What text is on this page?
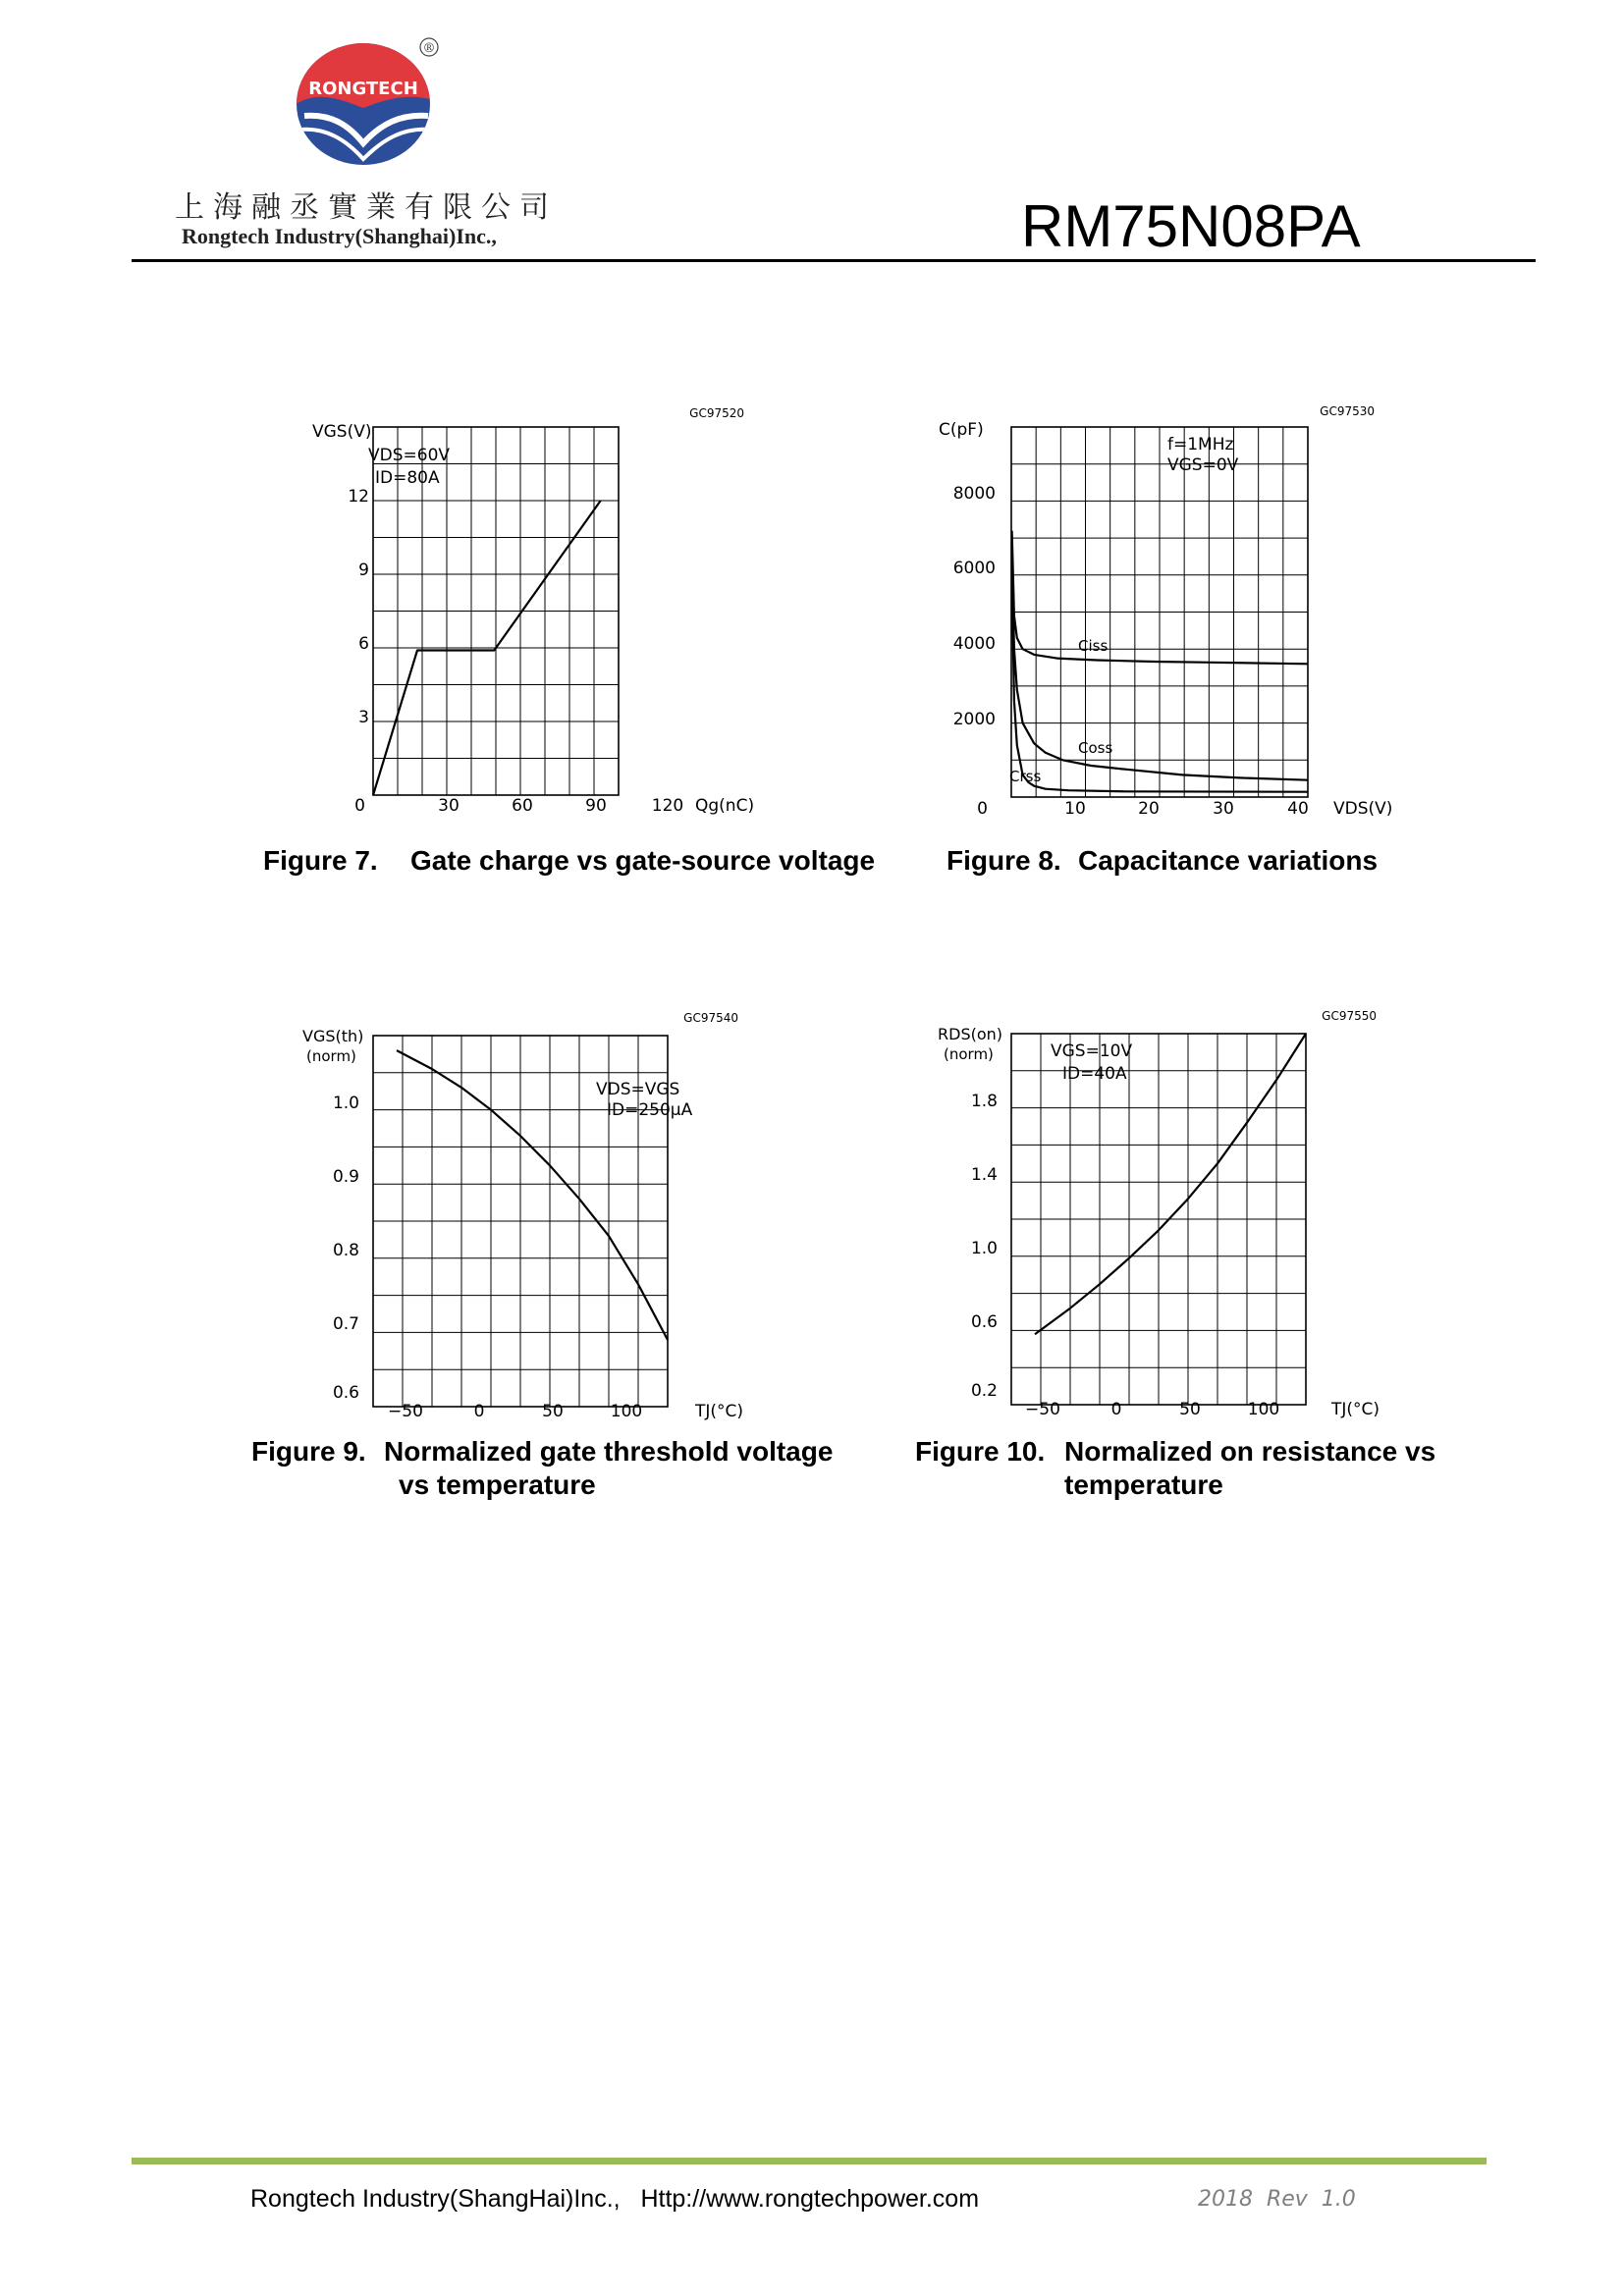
RONGTECH
®
上海融丞實業有限公司
Rongtech Industry(Shanghai)Inc.,	RM75N08PA
GC97520
VGS(V)
VDS=60V
ID=80A
12
9
6
3
0	30	60	90	120 Qg(nC)
Figure 7. Gate charge vs gate-source voltage
GC97530
C(pF)
f=1MHz
VGS=0V
Ciss
Coss
Crss
8000
6000
4000
2000
0	10	20	30	40 VDS(V)
Figure 8. Capacitance variations
GC97540
VGS(th)
(norm)
VDS=VGS
ID=250μA
1.0
0.9
0.8
0.7
0.6
−50	0	50	100	TJ(°C)
Figure 9. Normalized gate threshold voltage
vs temperature
GC97550
RDS(on)
(norm)	VGS=10V
ID=40A
1.8
1.4
1.0
0.6
0.2
−50	0	50	100	TJ(°C)
Figure 10. Normalized on resistance vs
temperature
Rongtech Industry(ShangHai)Inc., Http://www.rongtechpower.com	2018  Rev  1.0
